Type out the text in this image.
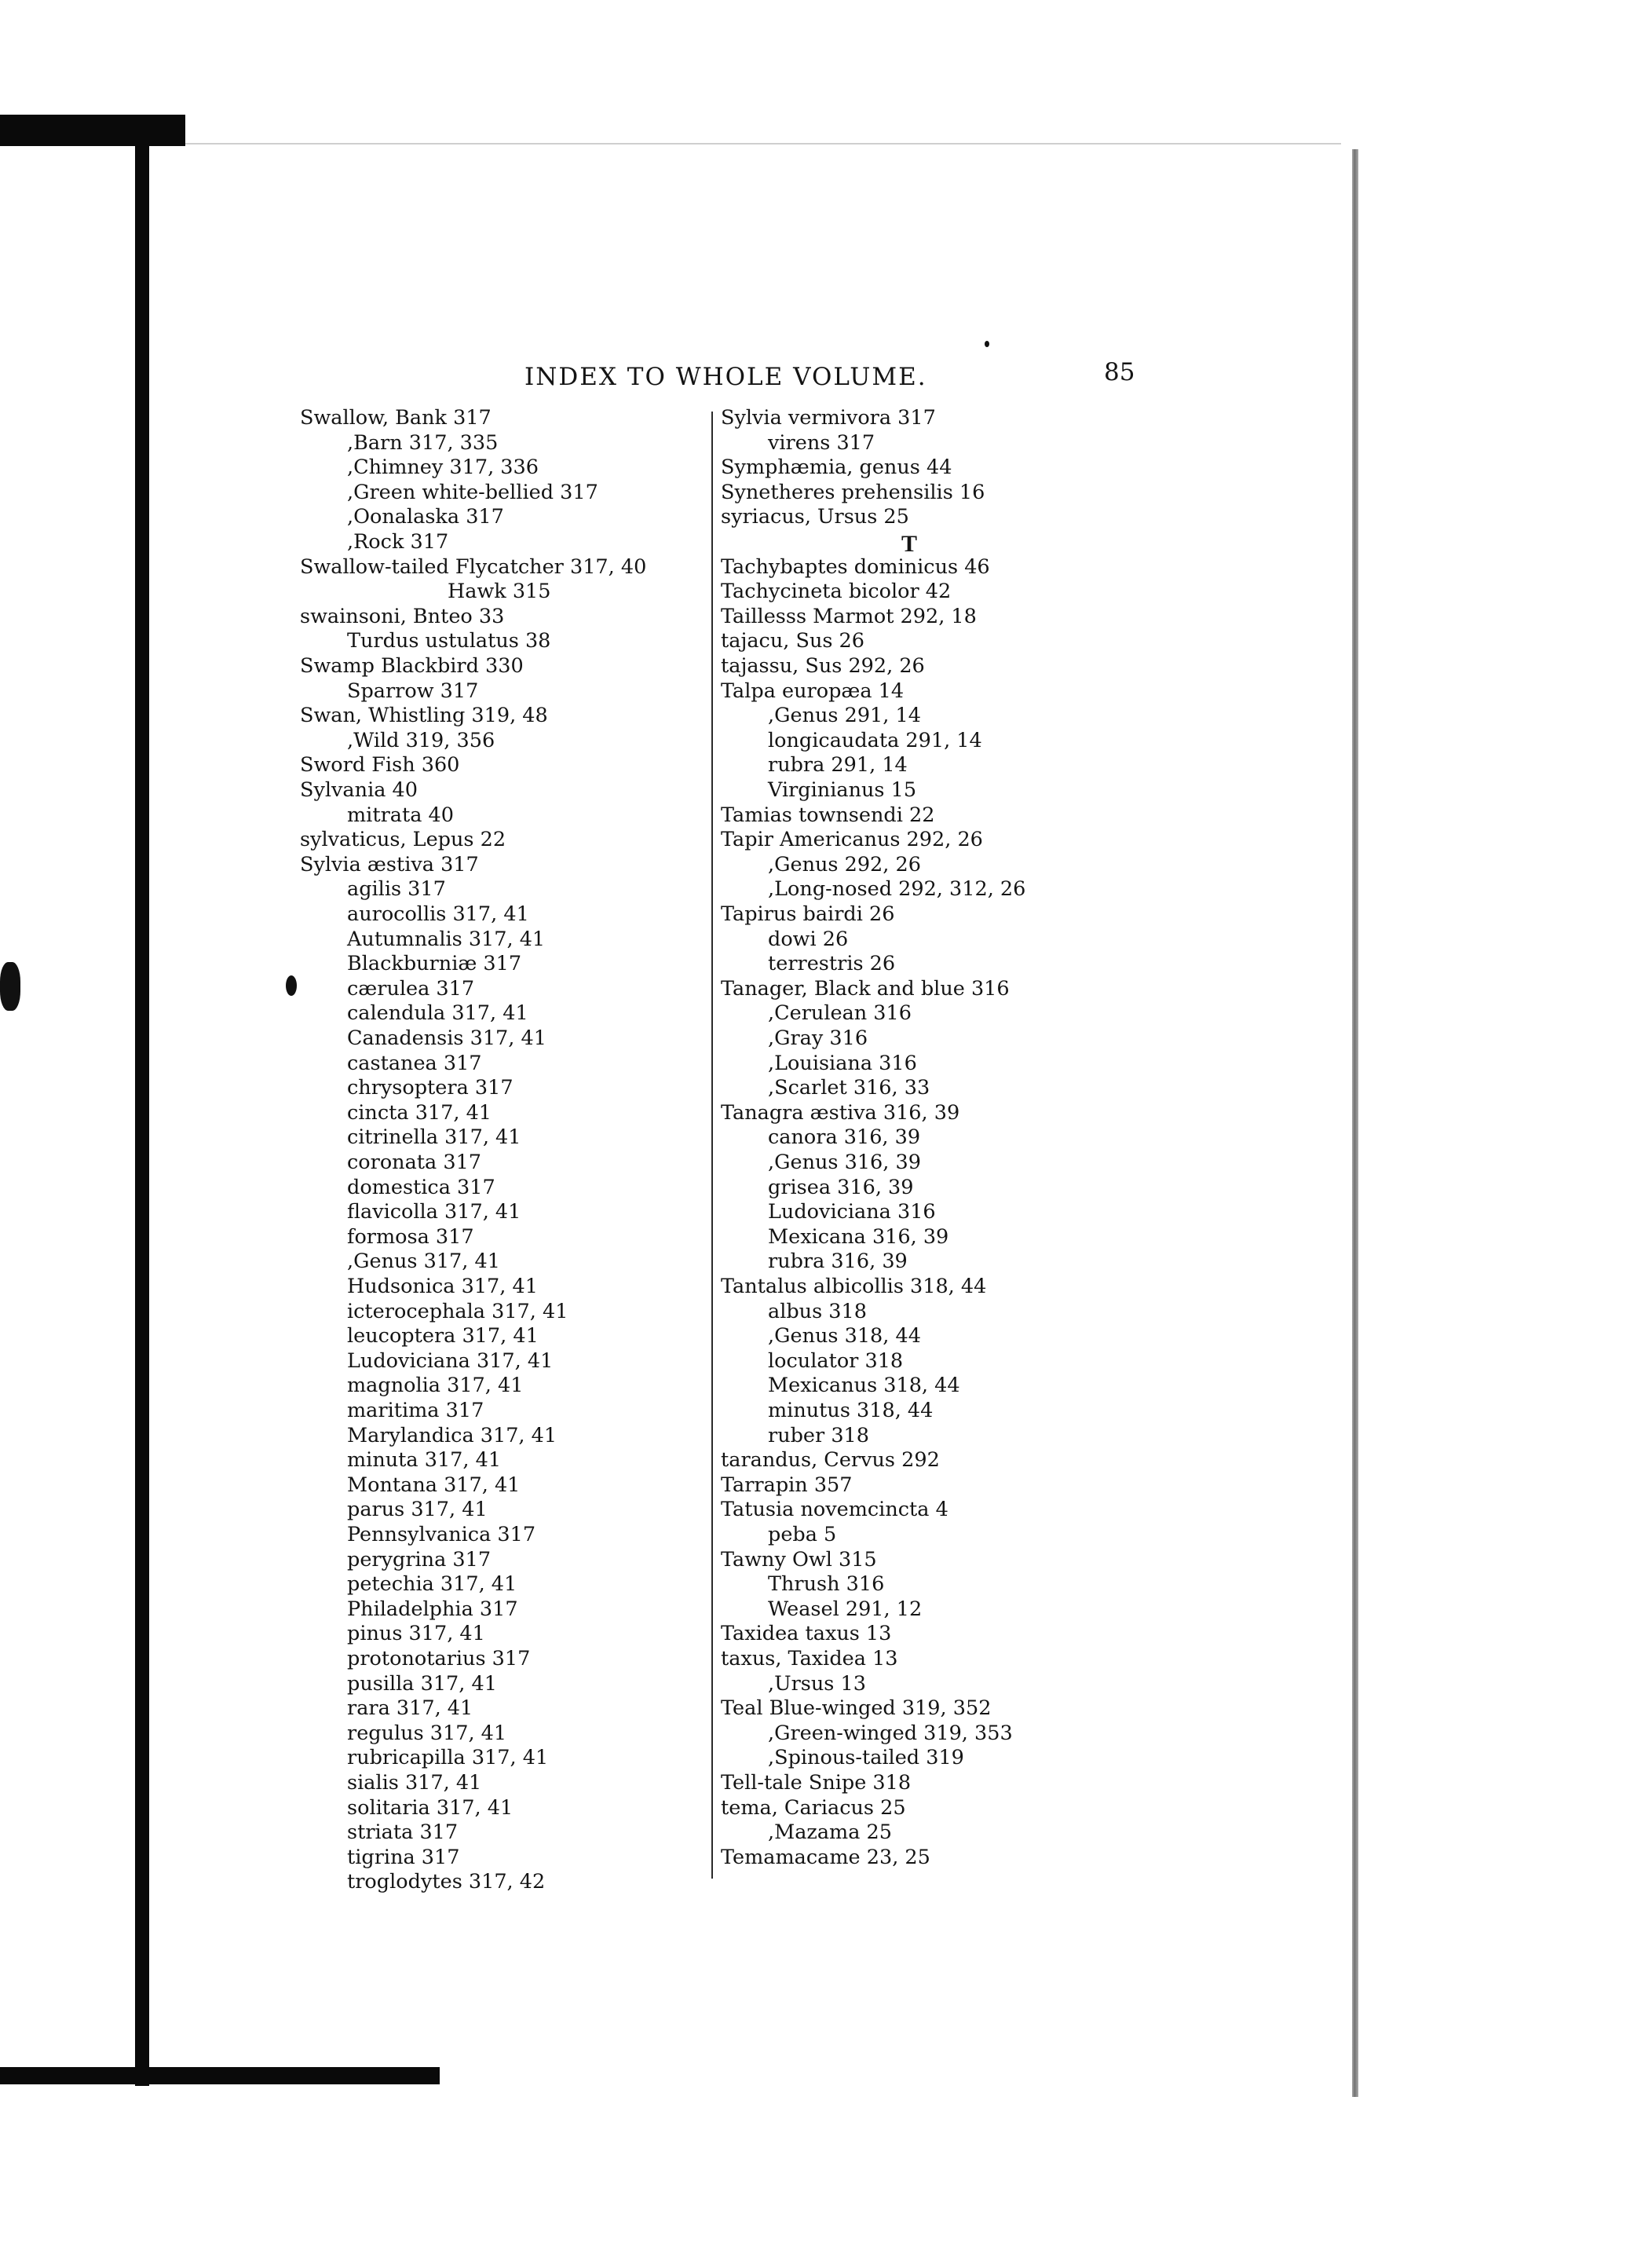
INDEX TO WHOLE VOLUME.	85
Swallow, Bank 317
,Barn 317, 335
,Chimney 317, 336
,Green white-bellied 317
,Oonalaska 317
,Rock 317
Swallow-tailed Flycatcher 317, 40
Hawk 315
swainsoni, Bnteo 33
Turdus ustulatus 38
Swamp Blackbird 330
Sparrow 317
Swan, Whistling 319, 48
,Wild 319, 356
Sword Fish 360
Sylvania 40
mitrata 40
sylvaticus, Lepus 22
Sylvia æstiva 317
agilis 317
aurocollis 317, 41
Autumnalis 317, 41
Blackburniæ 317
cærulea 317
calendula 317, 41
Canadensis 317, 41
castanea 317
chrysoptera 317
cincta 317, 41
citrinella 317, 41
coronata 317
domestica 317
flavicolla 317, 41
formosa 317
,Genus 317, 41
Hudsonica 317, 41
icterocephala 317, 41
leucoptera 317, 41
Ludoviciana 317, 41
magnolia 317, 41
maritima 317
Marylandica 317, 41
minuta 317, 41
Montana 317, 41
parus 317, 41
Pennsylvanica 317
perygrina 317
petechia 317, 41
Philadelphia 317
pinus 317, 41
protonotarius 317
pusilla 317, 41
rara 317, 41
regulus 317, 41
rubricapilla 317, 41
sialis 317, 41
solitaria 317, 41
striata 317
tigrina 317
troglodytes 317, 42
Sylvia vermivora 317
virens 317
Symphæmia, genus 44
Synetheres prehensilis 16
syriacus, Ursus 25
T
Tachybaptes dominicus 46
Tachycineta bicolor 42
Taillesss Marmot 292, 18
tajacu, Sus 26
tajassu, Sus 292, 26
Talpa europæa 14
,Genus 291, 14
longicaudata 291, 14
rubra 291, 14
Virginianus 15
Tamias townsendi 22
Tapir Americanus 292, 26
,Genus 292, 26
,Long-nosed 292, 312, 26
Tapirus bairdi 26
dowi 26
terrestris 26
Tanager, Black and blue 316
,Cerulean 316
,Gray 316
,Louisiana 316
,Scarlet 316, 33
Tanagra æstiva 316, 39
canora 316, 39
,Genus 316, 39
grisea 316, 39
Ludoviciana 316
Mexicana 316, 39
rubra 316, 39
Tantalus albicollis 318, 44
albus 318
,Genus 318, 44
loculator 318
Mexicanus 318, 44
minutus 318, 44
ruber 318
tarandus, Cervus 292
Tarrapin 357
Tatusia novemcincta 4
peba 5
Tawny Owl 315
Thrush 316
Weasel 291, 12
Taxidea taxus 13
taxus, Taxidea 13
,Ursus 13
Teal Blue-winged 319, 352
,Green-winged 319, 353
,Spinous-tailed 319
Tell-tale Snipe 318
tema, Cariacus 25
,Mazama 25
Temamacame 23, 25
